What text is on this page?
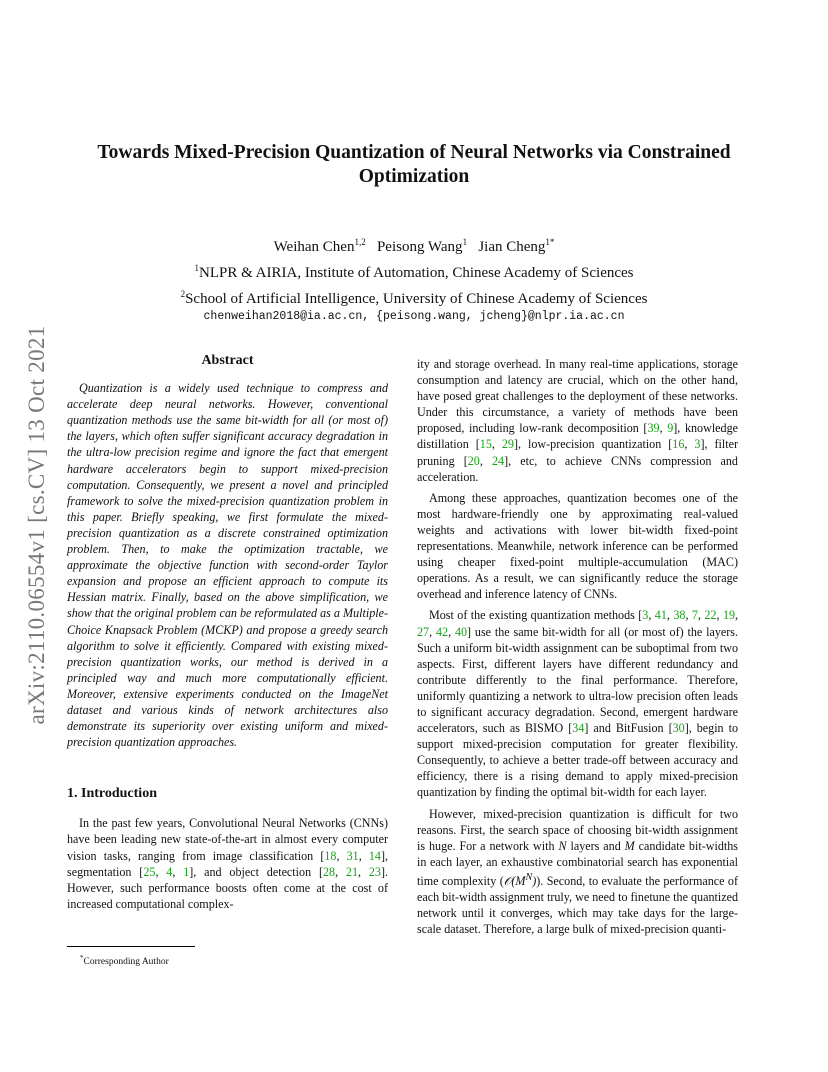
arXiv:2110.06554v1 [cs.CV] 13 Oct 2021
Towards Mixed-Precision Quantization of Neural Networks via Constrained
Optimization
Weihan Chen$^{1,2}$ Peisong Wang$^1$ Jian Cheng$^{1*}$
$^1$NLPR & AIRIA, Institute of Automation, Chinese Academy of Sciences
$^2$School of Artificial Intelligence, University of Chinese Academy of Sciences
chenweihan2018@ia.ac.cn, {peisong.wang, jcheng}@nlpr.ia.ac.cn
Abstract

Quantization is a widely used technique to compress and accelerate deep neural networks. However, conventional quantization methods use the same bit-width for all (or most of) the layers, which often suffer significant accuracy degradation in the ultra-low precision regime and ignore the fact that emergent hardware accelerators begin to support mixed-precision computation. Consequently, we present a novel and principled framework to solve the mixed-precision quantization problem in this paper. Briefly speaking, we first formulate the mixed-precision quantization as a discrete constrained optimization problem. Then, to make the optimization tractable, we approximate the objective function with second-order Taylor expansion and propose an efficient approach to compute its Hessian matrix. Finally, based on the above simplification, we show that the original problem can be reformulated as a Multiple-Choice Knapsack Problem (MCKP) and propose a greedy search algorithm to solve it efficiently. Compared with existing mixed-precision quantization works, our method is derived in a principled way and much more computationally efficient. Moreover, extensive experiments conducted on the ImageNet dataset and various kinds of network architectures also demonstrate its superiority over existing uniform and mixed-precision quantization approaches.

1. Introduction

In the past few years, Convolutional Neural Networks (CNNs) have been leading new state-of-the-art in almost every computer vision tasks, ranging from image classification [18, 31, 14], segmentation [25, 4, 1], and object detection [28, 21, 23]. However, such performance boosts often come at the cost of increased computational complex-

ity and storage overhead. In many real-time applications, storage consumption and latency are crucial, which on the other hand, have posed great challenges to the deployment of these networks. Under this circumstance, a variety of methods have been proposed, including low-rank decomposition [39, 9], knowledge distillation [15, 29], low-precision quantization [16, 3], filter pruning [20, 24], etc, to achieve CNNs compression and acceleration.

Among these approaches, quantization becomes one of the most hardware-friendly one by approximating real-valued weights and activations with lower bit-width fixed-point representations. Meanwhile, network inference can be performed using cheaper fixed-point multiple-accumulation (MAC) operations. As a result, we can significantly reduce the storage overhead and inference latency of CNNs.

Most of the existing quantization methods [3, 41, 38, 7, 22, 19, 27, 42, 40] use the same bit-width for all (or most of) the layers. Such a uniform bit-width assignment can be suboptimal from two aspects. First, different layers have different redundancy and contribute differently to the final performance. Therefore, uniformly quantizing a network to ultra-low precision often leads to significant accuracy degradation. Second, emergent hardware accelerators, such as BISMO [34] and BitFusion [30], begin to support mixed-precision computation for greater flexibility. Consequently, to achieve a better trade-off between accuracy and efficiency, there is a rising demand to apply mixed-precision quantization by finding the optimal bit-width for each layer.

However, mixed-precision quantization is difficult for two reasons. First, the search space of choosing bit-width assignment is huge. For a network with N layers and M candidate bit-widths in each layer, an exhaustive combinatorial search has exponential time complexity $(𝒪(M^N))$. Second, to evaluate the performance of each bit-width assignment truly, we need to finetune the quantized network until it converges, which may take days for the large-scale dataset. Therefore, a large bulk of mixed-precision quanti-

*Corresponding Author
